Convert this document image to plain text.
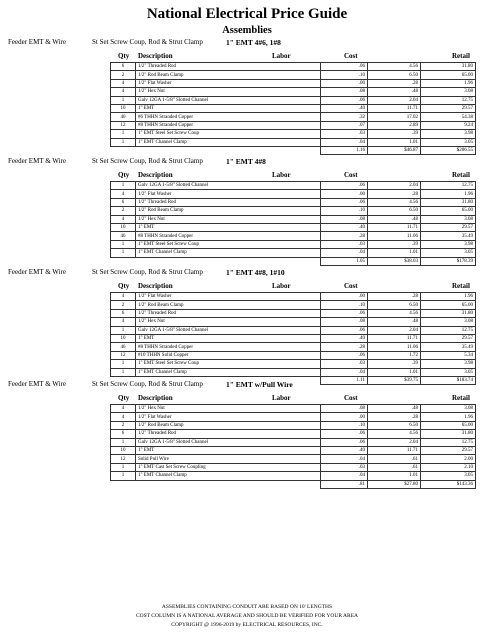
National Electrical Price Guide
Assemblies
Feeder EMT & Wire	St Set Screw Coup, Rod & Strut Clamp	1" EMT 4#6, 1#8
Qty Description	Labor	Cost	Retail
6	1/2" Threaded Rod	.06	4.56	31.80
2	1/2" Rod Beam Clamp	.10	6.50	65.00
4	1/2" Flat Washer	.00	.28	1.96
4	1/2" Hex Nut	.08	.48	3.08
1	Galv 12GA 1-5/8" Slotted Channel	.06	2.04	12.75
10	1" EMT	.40	11.71	29.57
40	#6 THHN Stranded Copper	.32	17.02	54.38
12	#8 THHN Stranded Copper	.07	2.89	9.24
1	1" EMT Steel Set Screw Coup	.03	.39	3.98
1	1" EMT Channel Clamp	.04	1.01	3.05
		1.16	$46.87	$206.55
Feeder EMT & Wire	St Set Screw Coup, Rod & Strut Clamp	1" EMT 4#8
Qty Description	Labor	Cost	Retail
1	Galv 12GA 1-5/8" Slotted Channel	.06	2.04	12.75
4	1/2" Flat Washer	.00	.28	1.96
6	1/2" Threaded Rod	.06	4.56	31.80
2	1/2" Rod Beam Clamp	.10	6.50	65.00
4	1/2" Hex Nut	.08	.48	3.08
10	1" EMT	.40	11.71	29.57
46	#8 THHN Stranded Copper	.28	11.06	35.49
1	1" EMT Steel Set Screw Coup	.03	.39	3.98
1	1" EMT Channel Clamp	.04	1.01	3.05
		1.05	$38.03	$178.39
Feeder EMT & Wire	St Set Screw Coup, Rod & Strut Clamp	1" EMT 4#8, 1#10
Qty Description	Labor	Cost	Retail
4	1/2" Flat Washer	.00	.28	1.96
2	1/2" Rod Beam Clamp	.10	6.50	65.00
6	1/2" Threaded Rod	.06	4.56	31.80
4	1/2" Hex Nut	.08	.48	3.08
1	Galv 12GA 1-5/8" Slotted Channel	.06	2.04	12.75
10	1" EMT	.40	11.71	29.57
46	#8 THHN Stranded Copper	.28	11.06	35.49
12	#10 THHN Solid Copper	.06	1.72	5.34
1	1" EMT Steel Set Screw Coup	.03	.39	3.98
1	1" EMT Channel Clamp	.04	1.01	3.05
		1.11	$39.75	$183.74
Feeder EMT & Wire	St Set Screw Coup, Rod & Strut Clamp	1" EMT w/Pull Wire
Qty Description	Labor	Cost	Retail
4	1/2" Hex Nut	.08	.48	3.08
4	1/2" Flat Washer	.00	.28	1.96
2	1/2" Rod Beam Clamp	.10	6.50	65.00
6	1/2" Threaded Rod	.06	4.56	31.80
1	Galv 12GA 1-5/8" Slotted Channel	.06	2.04	12.75
10	1" EMT	.40	11.71	29.57
12	Solid Pull Wire	.04	.61	2.00
1	1" EMT Cast Set Screw Coupling	.03	.61	2.10
1	1" EMT Channel Clamp	.04	1.01	3.05
		.81	$27.80	$143.36
ASSEMBLIES CONTAINING CONDUIT ARE BASED ON 10' LENGTHS
COST COLUMN IS A NATIONAL AVERAGE AND SHOULD BE VERIFIED FOR YOUR AREA
COPYRIGHT @ 1996-2019 by ELECTRICAL RESOURCES, INC.
